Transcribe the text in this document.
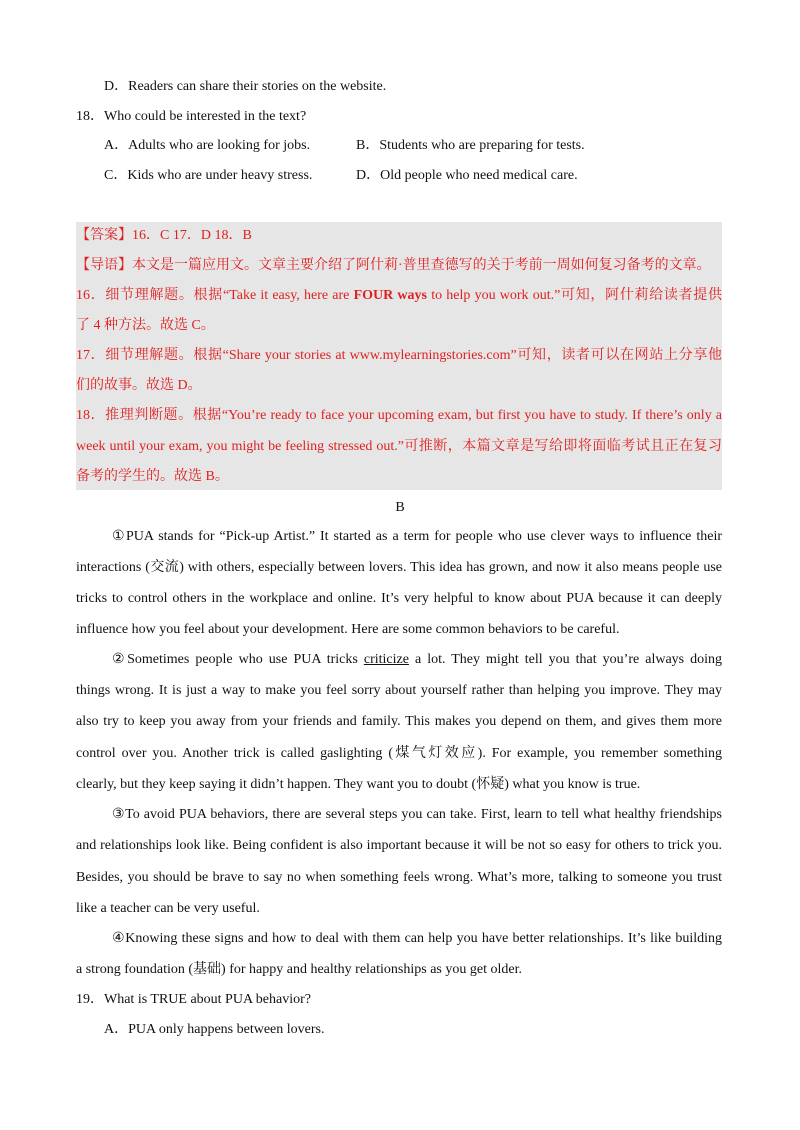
D．Readers can share their stories on the website.
18．Who could be interested in the text?
A．Adults who are looking for jobs.	B．Students who are preparing for tests.
C．Kids who are under heavy stress.	D．Old people who need medical care.
【答案】16．C 17．D 18．B
【导语】本文是一篇应用文。文章主要介绍了阿什莉·普里查德写的关于考前一周如何复习备考的文章。
16．细节理解题。根据“Take it easy, here are FOUR ways to help you work out.”可知，阿什莉给读者提供
了 4 种方法。故选 C。
17．细节理解题。根据“Share your stories at www.mylearningstories.com”可知，读者可以在网站上分享他
们的故事。故选 D。
18．推理判断题。根据“You’re ready to face your upcoming exam, but first you have to study. If there’s only a
week until your exam, you might be feeling stressed out.”可推断，本篇文章是写给即将面临考试且正在复习
备考的学生的。故选 B。
B
①PUA stands for “Pick-up Artist.” It started as a term for people who use clever ways to influence their
interactions (交流) with others, especially between lovers. This idea has grown, and now it also means people use
tricks to control others in the workplace and online. It’s very helpful to know about PUA because it can deeply
influence how you feel about your development. Here are some common behaviors to be careful.
②Sometimes people who use PUA tricks criticize a lot. They might tell you that you’re always doing
things wrong. It is just a way to make you feel sorry about yourself rather than helping you improve. They may
also try to keep you away from your friends and family. This makes you depend on them, and gives them more
control over you. Another trick is called gaslighting (煤气灯效应). For example, you remember something
clearly, but they keep saying it didn’t happen. They want you to doubt (怀疑) what you know is true.
③To avoid PUA behaviors, there are several steps you can take. First, learn to tell what healthy friendships
and relationships look like. Being confident is also important because it will be not so easy for others to trick you.
Besides, you should be brave to say no when something feels wrong. What’s more, talking to someone you trust
like a teacher can be very useful.
④Knowing these signs and how to deal with them can help you have better relationships. It’s like building
a strong foundation (基础) for happy and healthy relationships as you get older.
19．What is TRUE about PUA behavior?
A．PUA only happens between lovers.
